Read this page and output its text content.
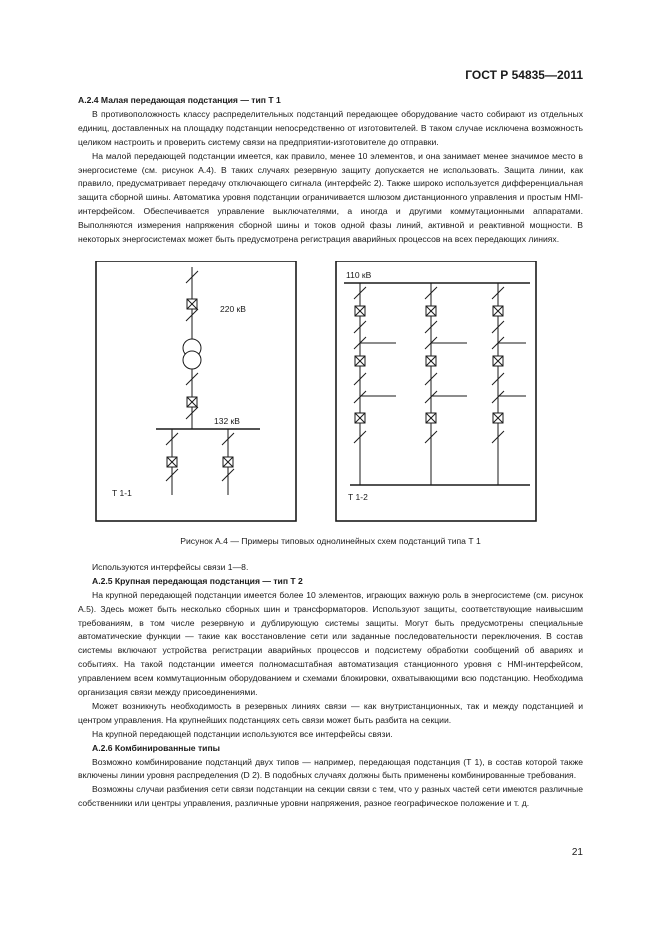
ГОСТ Р 54835—2011
А.2.4 Малая передающая подстанция — тип Т 1

В противоположность классу распределительных подстанций передающее оборудование часто собирают из отдельных единиц, доставленных на площадку подстанции непосредственно от изготовителей. В таком случае исключена возможность целиком настроить и проверить систему связи на предприятии-изготовителе до отправки.

На малой передающей подстанции имеется, как правило, менее 10 элементов, и она занимает менее значимое место в энергосистеме (см. рисунок А.4). В таких случаях резервную защиту допускается не использовать. Защита линии, как правило, предусматривает передачу отключающего сигнала (интерфейс 2). Также широко используется дифференциальная защита сборной шины. Автоматика уровня подстанции ограничивается шлюзом дистанционного управления и простым HMI-интерфейсом. Обеспечивается управление выключателями, а иногда и другими коммутационными аппаратами. Выполняются измерения напряжения сборной шины и токов одной фазы линий, активной и реактивной мощности. В некоторых энергосистемах может быть предусмотрена регистрация аварийных процессов на всех передающих линиях.

220 кВ
132 кВ
Т 1-1
110 кВ
Т 1-2
Рисунок А.4 — Примеры типовых однолинейных схем подстанций типа Т 1

Используются интерфейсы связи 1—8.

А.2.5 Крупная передающая подстанция — тип Т 2

На крупной передающей подстанции имеется более 10 элементов, играющих важную роль в энергосистеме (см. рисунок А.5). Здесь может быть несколько сборных шин и трансформаторов. Используют защиты, соответствующие наивысшим требованиям, в том числе резервную и дублирующую системы защиты. Могут быть предусмотрены специальные автоматические функции — такие как восстановление сети или заданные последовательности переключения. В состав системы включают устройства регистрации аварийных процессов и подсистему обработки сообщений об авариях и событиях. На такой подстанции имеется полномасштабная автоматизация станционного уровня с HMI-интерфейсом, управлением всем коммутационным оборудованием и схемами блокировки, охватывающими всю подстанцию. Необходима организация связи между присоединениями.

Может возникнуть необходимость в резервных линиях связи — как внутристанционных, так и между подстанцией и центром управления. На крупнейших подстанциях сеть связи может быть разбита на секции.

На крупной передающей подстанции используются все интерфейсы связи.

А.2.6 Комбинированные типы

Возможно комбинирование подстанций двух типов — например, передающая подстанция (Т 1), в состав которой также включены линии уровня распределения (D 2). В подобных случаях должны быть применены комбинированные требования.

Возможны случаи разбиения сети связи подстанции на секции связи с тем, что у разных частей сети имеются различные собственники или центры управления, различные уровни напряжения, разное географическое положение и т. д.

21
